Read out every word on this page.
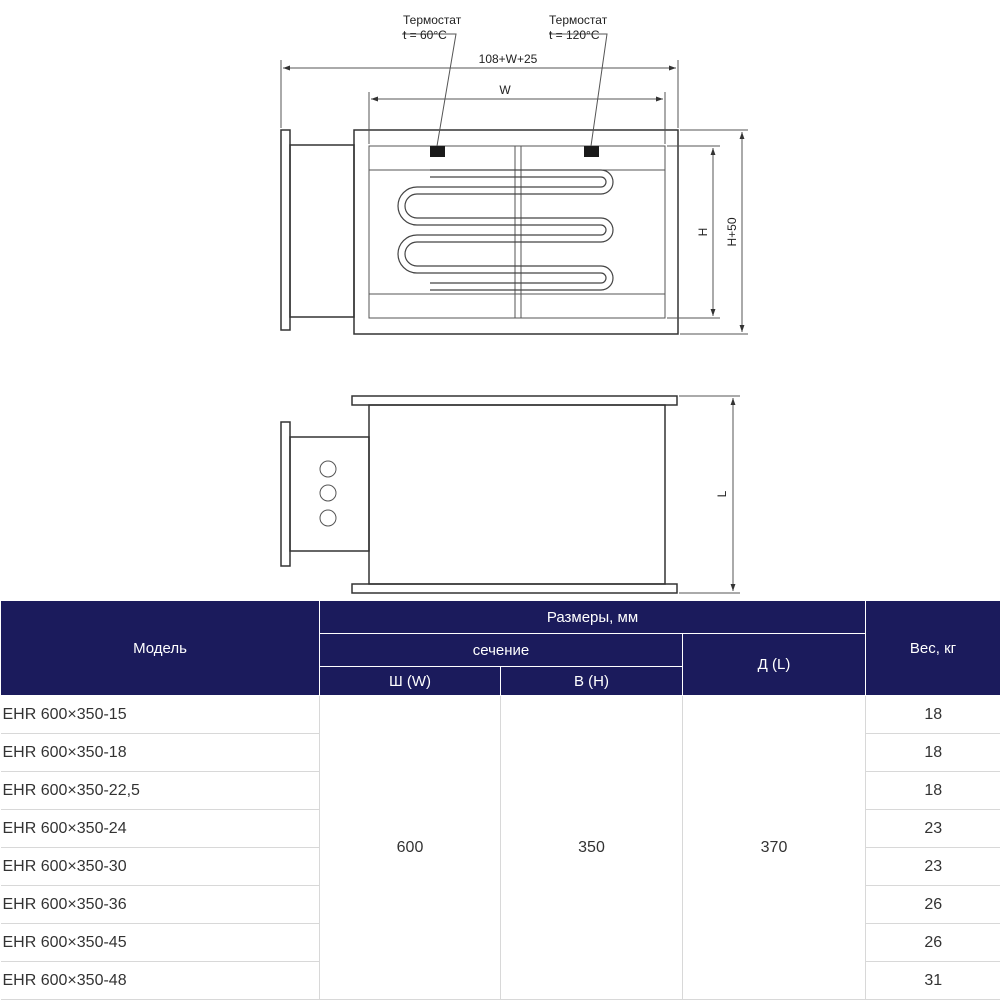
Термостат
t = 60°C
Термостат
t = 120°C
108+W+25
W
H H+50
L
Модель	Размеры, мм			Вес, кг
	сечение		Д (L)	
	Ш (W)	В (Н)		
EHR 600×350-15	600	350	370	18
EHR 600×350-18				18
EHR 600×350-22,5				18
EHR 600×350-24				23
EHR 600×350-30				23
EHR 600×350-36				26
EHR 600×350-45				26
EHR 600×350-48				31
